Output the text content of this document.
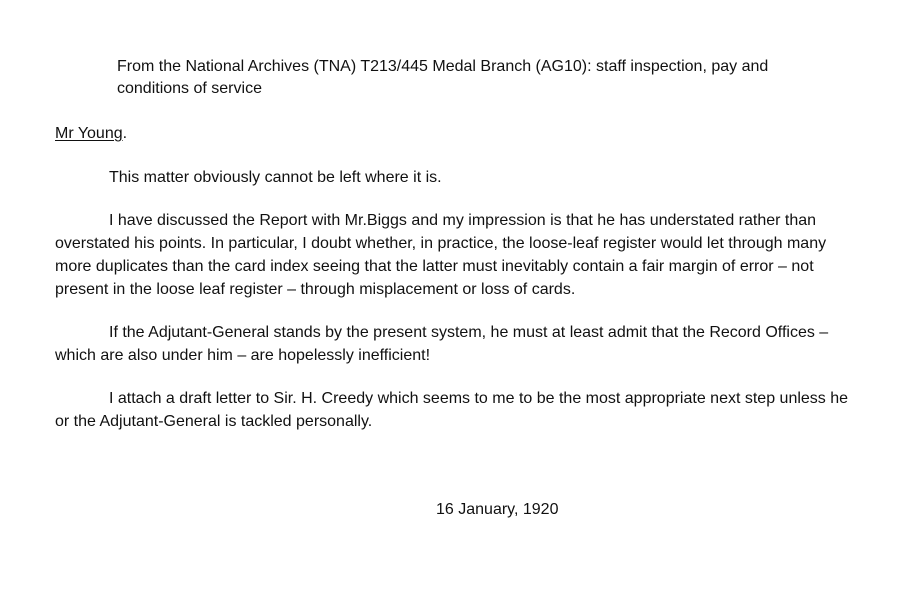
From the National Archives (TNA) T213/445 Medal Branch (AG10): staff inspection, pay and
conditions of service
Mr Young.

This matter obviously cannot be left where it is.

I have discussed the Report with Mr.Biggs and my impression is that he has understated rather than overstated his points. In particular, I doubt whether, in practice, the loose-leaf register would let through many more duplicates than the card index seeing that the latter must inevitably contain a fair margin of error – not present in the loose leaf register – through misplacement or loss of cards.

If the Adjutant-General stands by the present system, he must at least admit that the Record Offices – which are also under him – are hopelessly inefficient!

I attach a draft letter to Sir. H. Creedy which seems to me to be the most appropriate next step unless he or the Adjutant-General is tackled personally.

16 January, 1920
